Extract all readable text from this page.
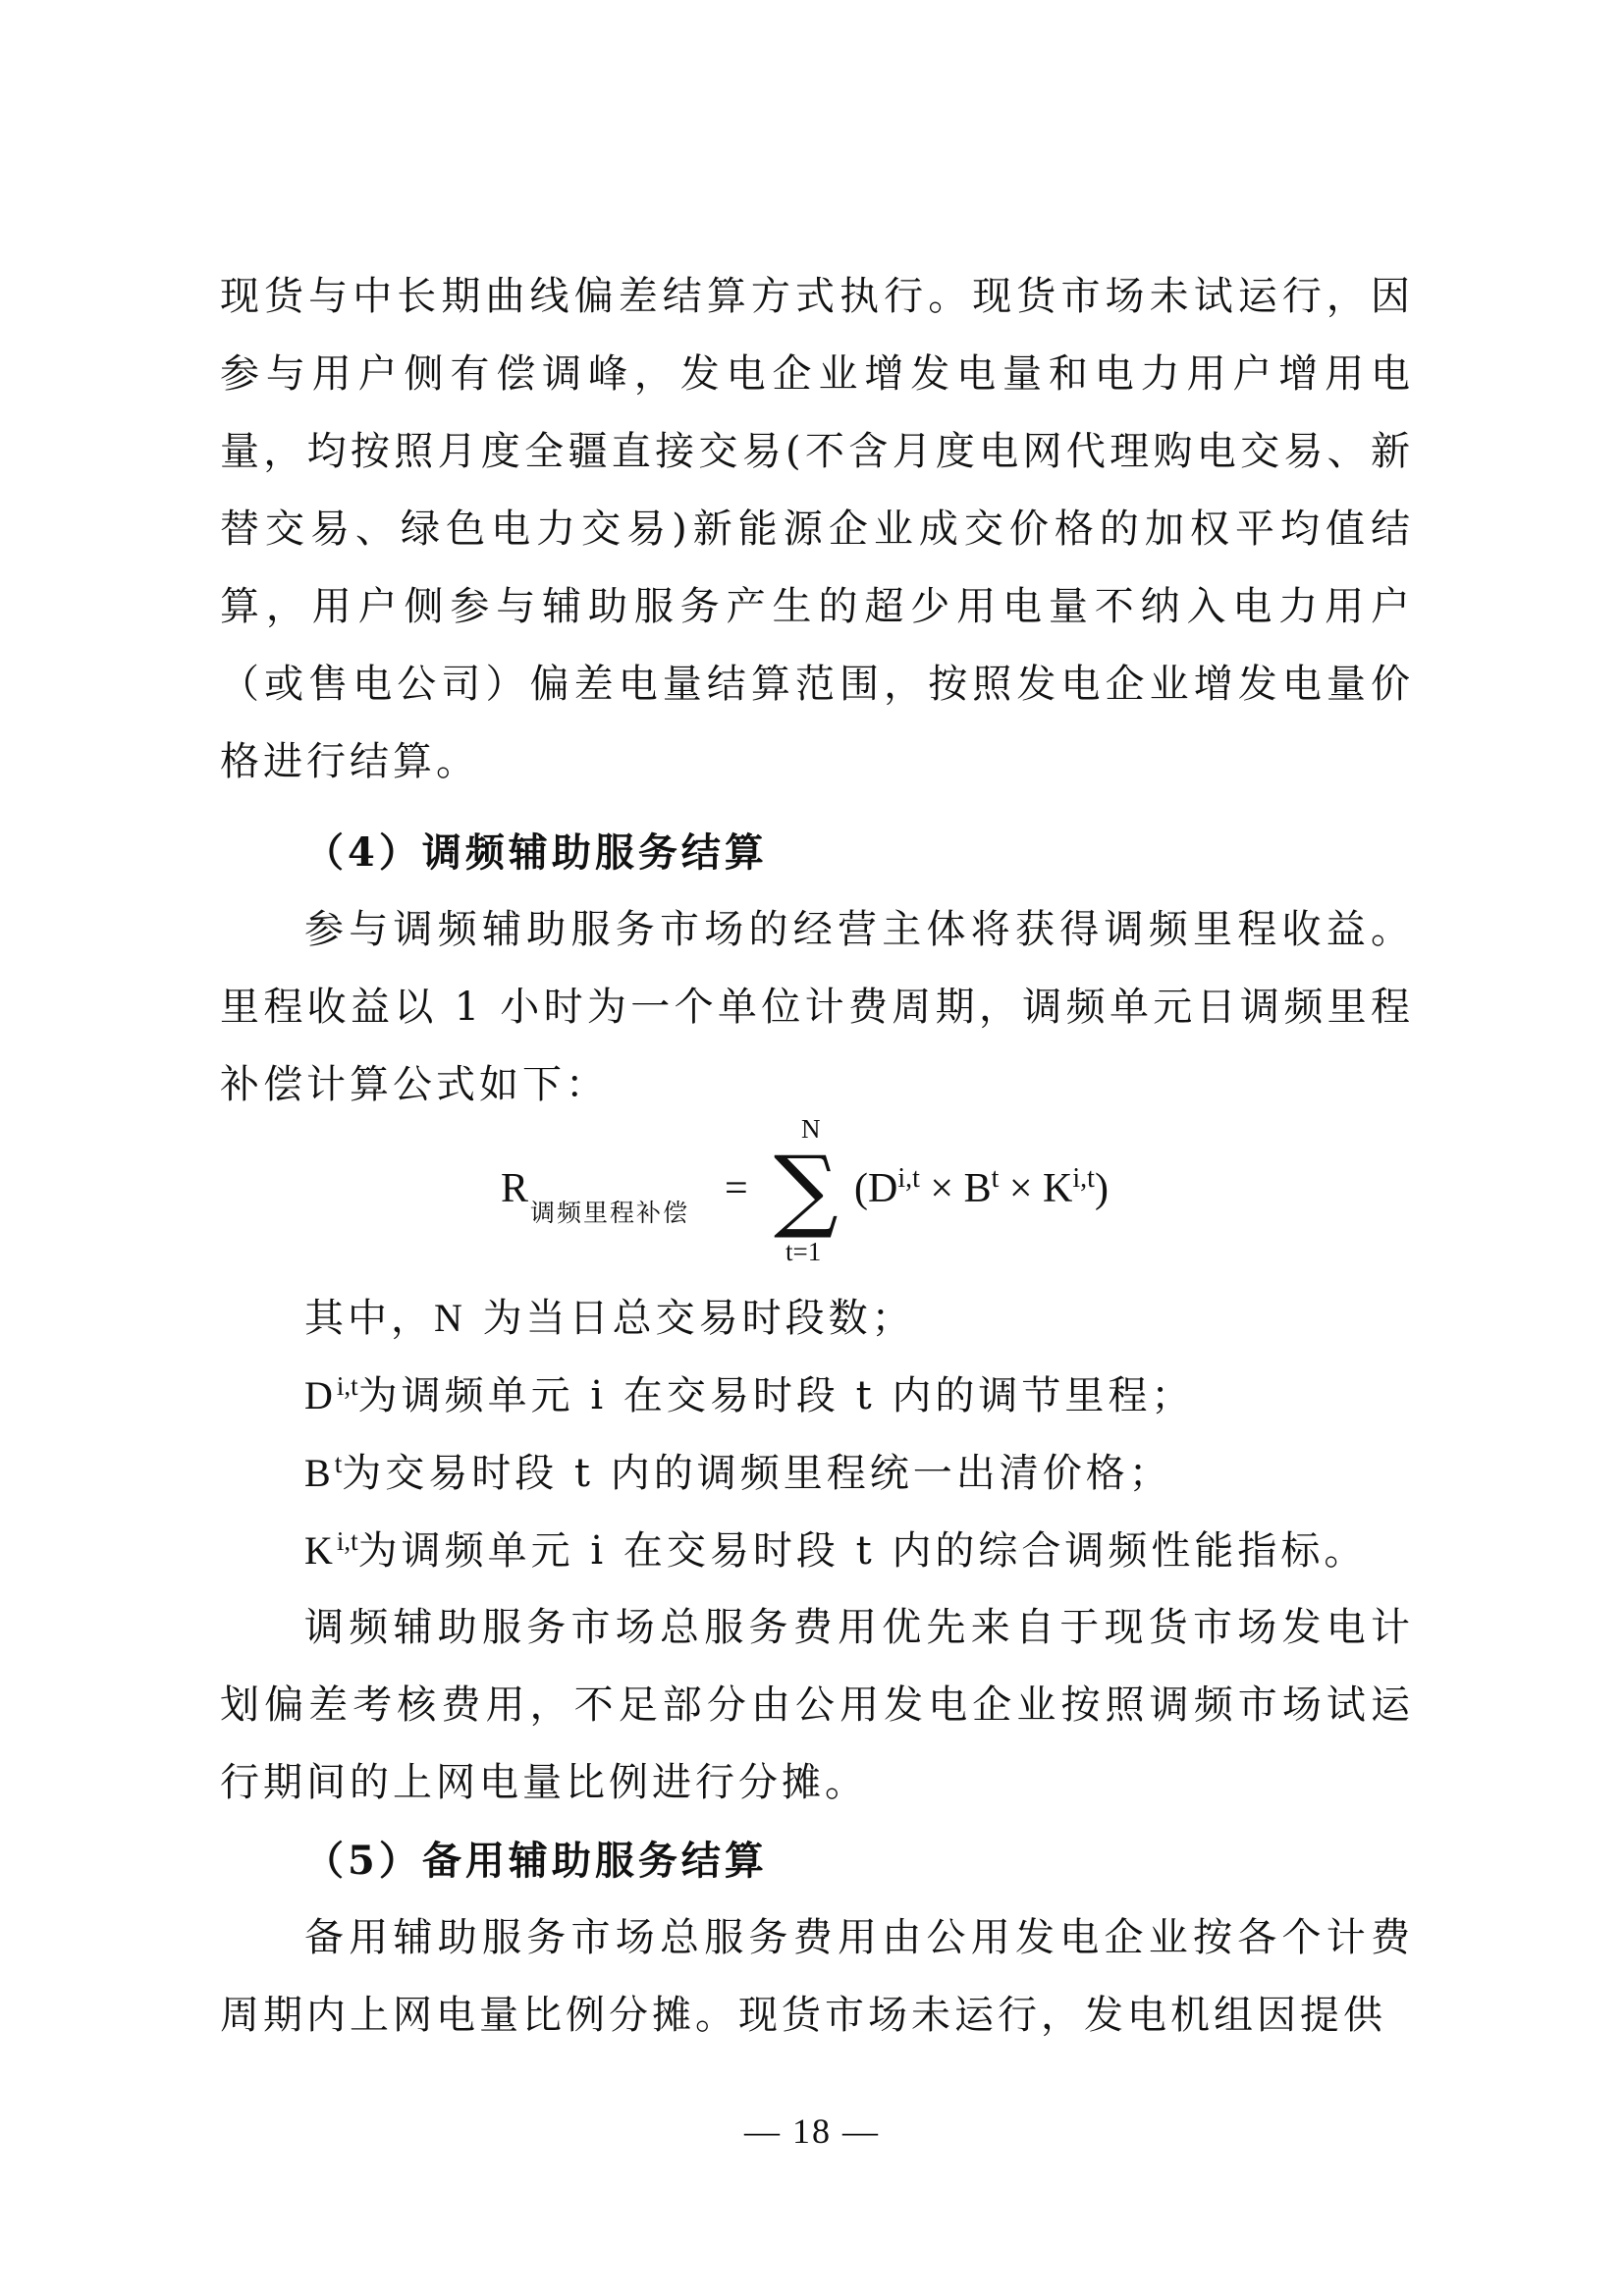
现货与中长期曲线偏差结算方式执行。现货市场未试运行，因参与用户侧有偿调峰，发电企业增发电量和电力用户增用电量，均按照月度全疆直接交易(不含月度电网代理购电交易、新替交易、绿色电力交易)新能源企业成交价格的加权平均值结算，用户侧参与辅助服务产生的超少用电量不纳入电力用户（或售电公司）偏差电量结算范围，按照发电企业增发电量价格进行结算。

（4）调频辅助服务结算

参与调频辅助服务市场的经营主体将获得调频里程收益。里程收益以 1 小时为一个单位计费周期，调频单元日调频里程补偿计算公式如下：

R
调频里程补偿
=
N
∑
t=1
$(D^{i,t} \times B^t \times K^{i,t})$

其中，N 为当日总交易时段数；

D$^{i,t}$为调频单元 i 在交易时段 t 内的调节里程；

$B^t$为交易时段 t 内的调频里程统一出清价格；

K$^{i,t}$为调频单元 i 在交易时段 t 内的综合调频性能指标。

调频辅助服务市场总服务费用优先来自于现货市场发电计划偏差考核费用，不足部分由公用发电企业按照调频市场试运行期间的上网电量比例进行分摊。

（5）备用辅助服务结算

备用辅助服务市场总服务费用由公用发电企业按各个计费周期内上网电量比例分摊。现货市场未运行，发电机组因提供

— 18 —
